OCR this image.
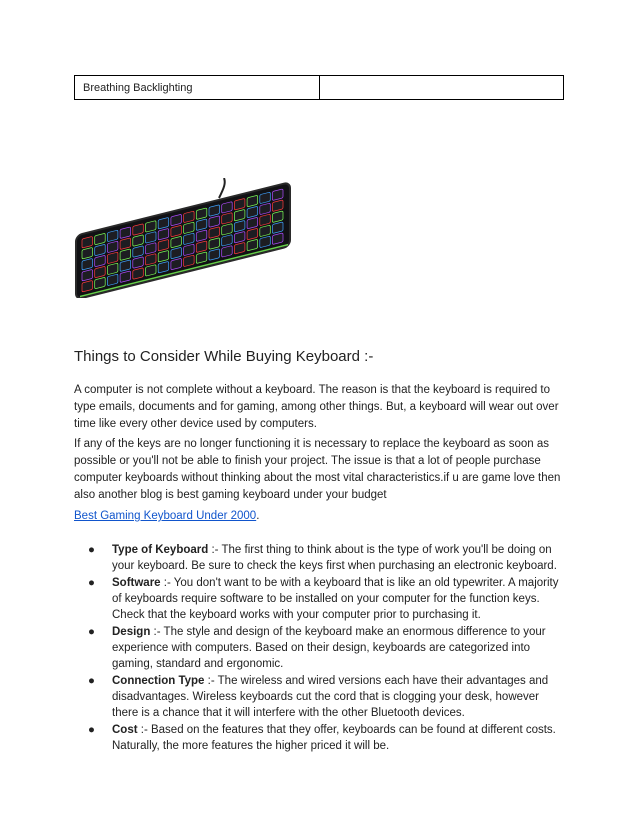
Breathing Backlighting
Things to Consider While Buying Keyboard :-

A computer is not complete without a keyboard. The reason is that the keyboard is required to type emails, documents and for gaming, among other things. But, a keyboard will wear out over time like every other device used by computers.

If any of the keys are no longer functioning it is necessary to replace the keyboard as soon as possible or you'll not be able to finish your project. The issue is that a lot of people purchase computer keyboards without thinking about the most vital characteristics.if u are game love then also another blog is best gaming keyboard under your budget

Best Gaming Keyboard Under 2000.
● Type of Keyboard :- The first thing to think about is the type of work you'll be doing on your keyboard. Be sure to check the keys first when purchasing an electronic keyboard.
● Software :- You don't want to be with a keyboard that is like an old typewriter. A majority of keyboards require software to be installed on your computer for the function keys. Check that the keyboard works with your computer prior to purchasing it.
● Design :- The style and design of the keyboard make an enormous difference to your experience with computers. Based on their design, keyboards are categorized into gaming, standard and ergonomic.
● Connection Type :- The wireless and wired versions each have their advantages and disadvantages. Wireless keyboards cut the cord that is clogging your desk, however there is a chance that it will interfere with the other Bluetooth devices.
● Cost :- Based on the features that they offer, keyboards can be found at different costs. Naturally, the more features the higher priced it will be.
